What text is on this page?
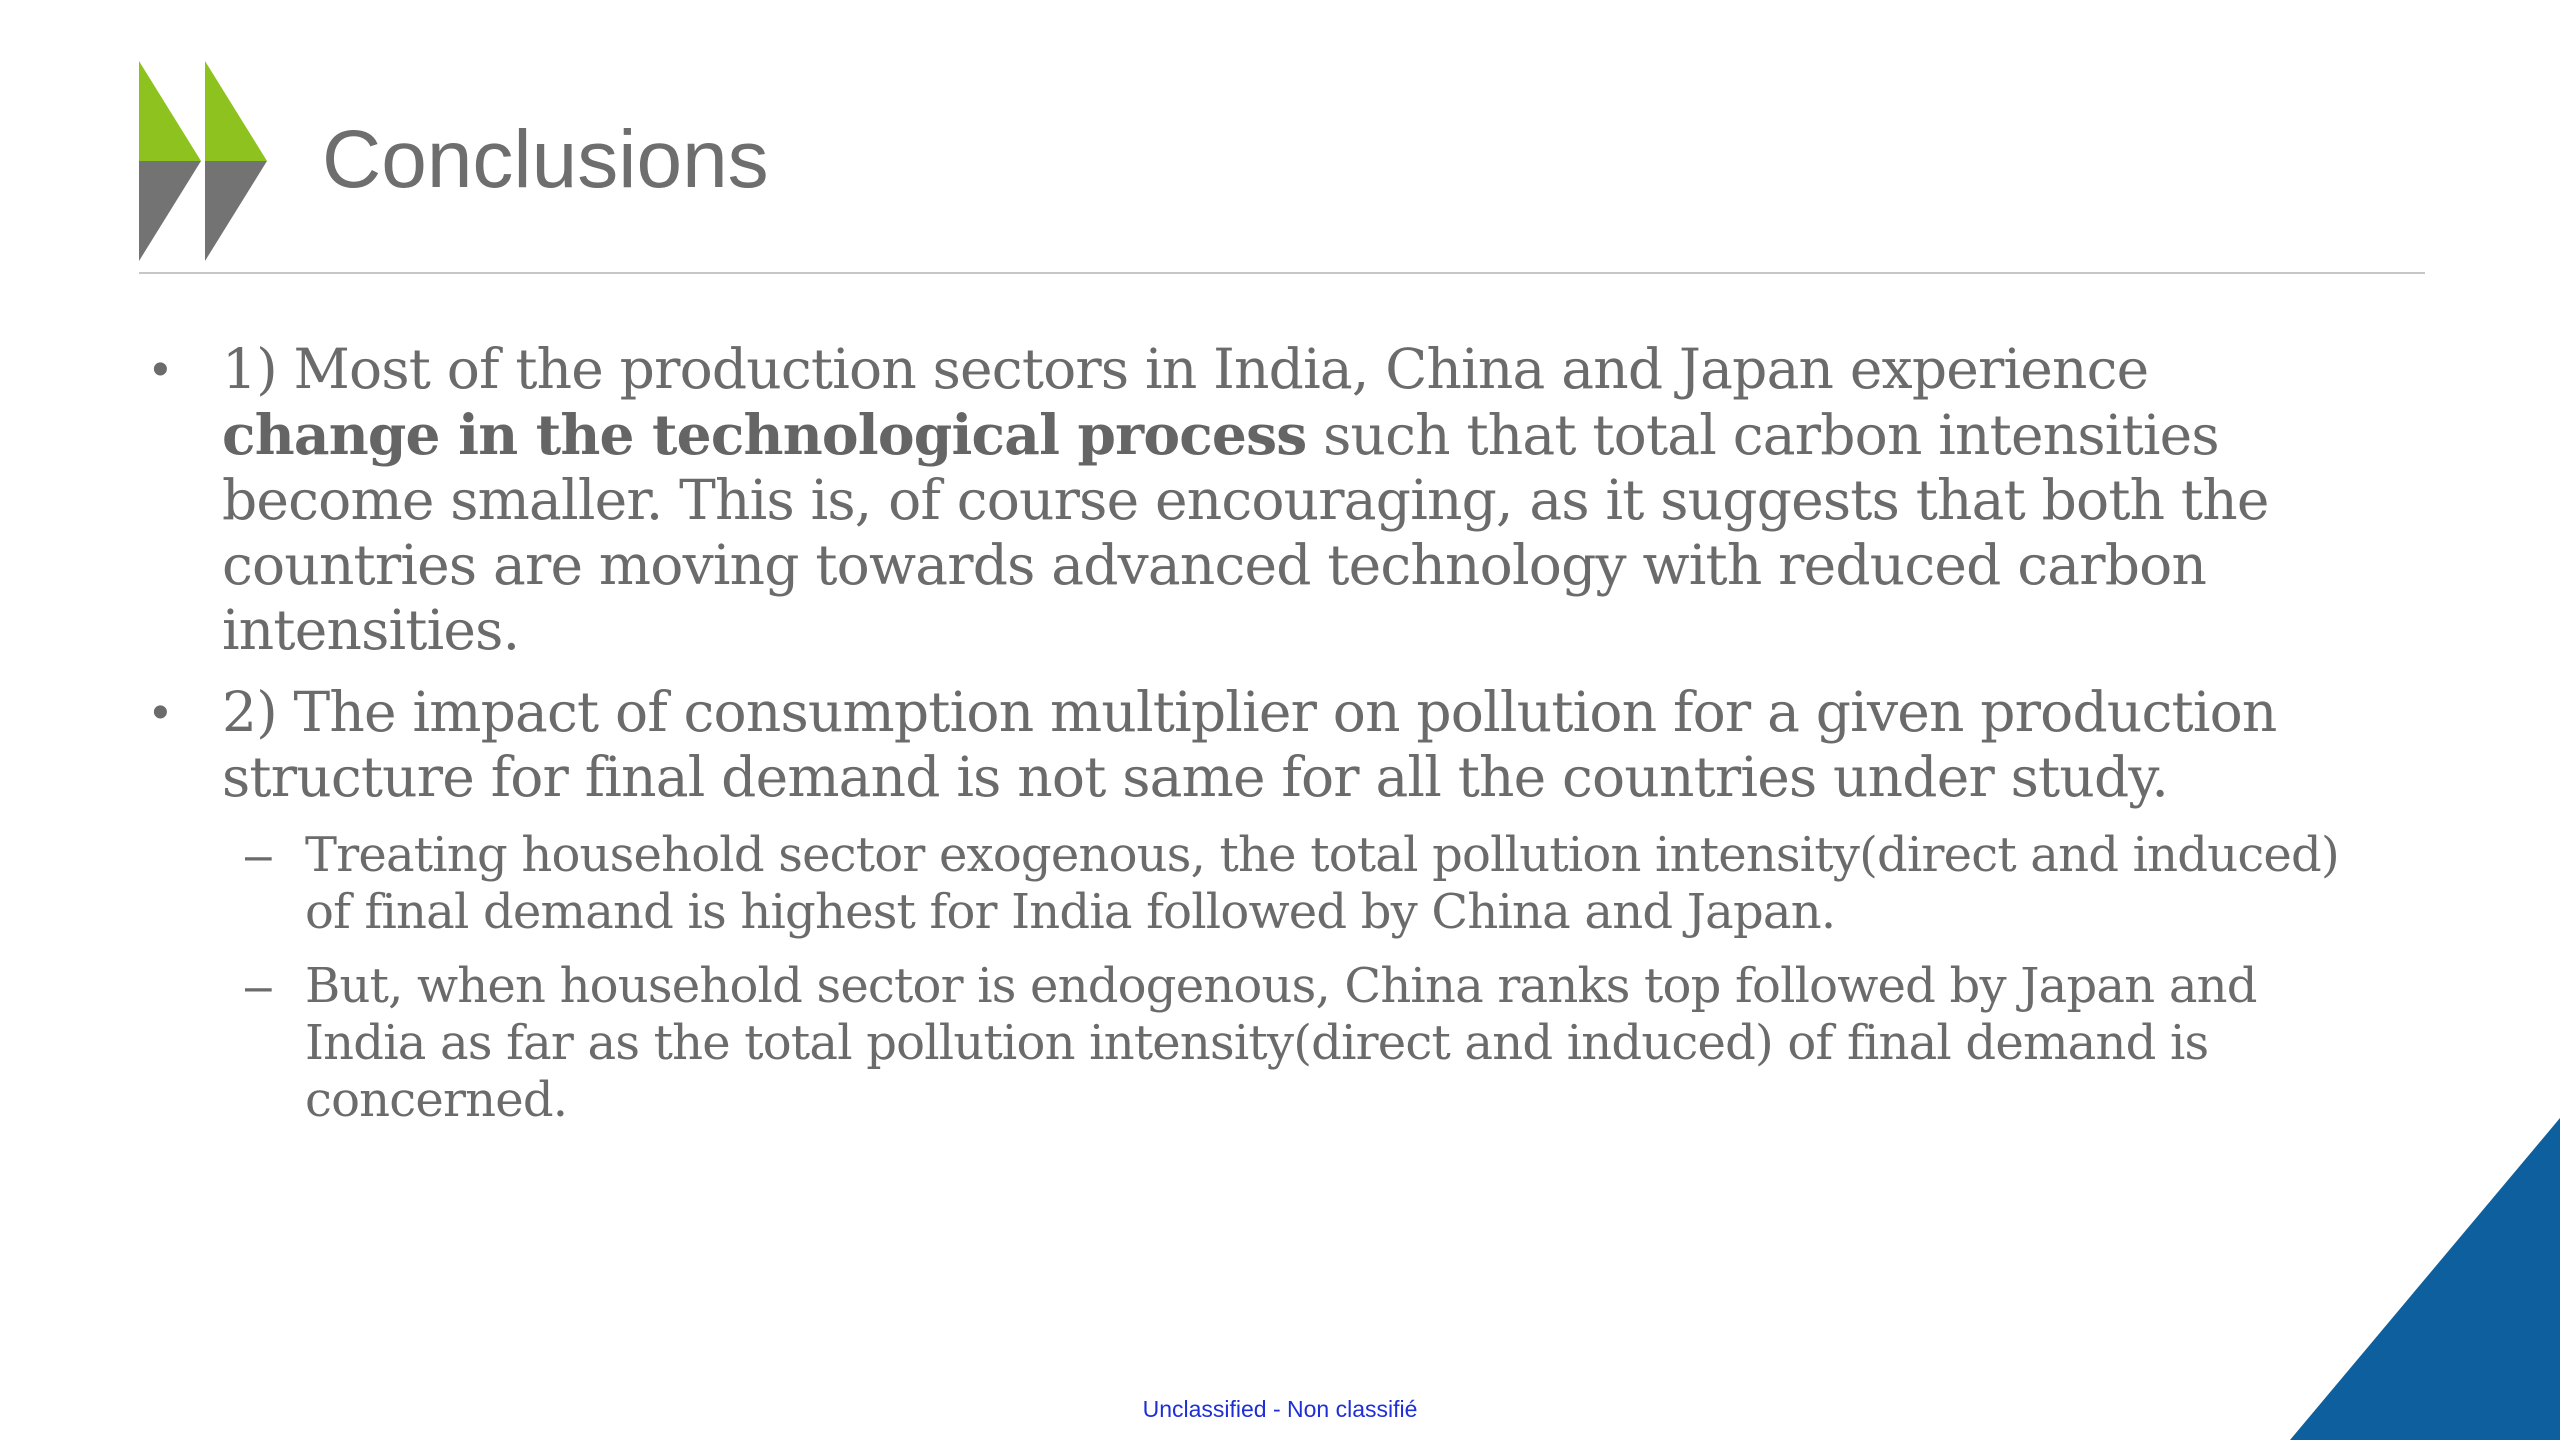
Conclusions
• 1) Most of the production sectors in India, China and Japan experience change in the technological process such that total carbon intensities become smaller. This is, of course encouraging, as it suggests that both the countries are moving towards advanced technology with reduced carbon intensities.
• 2) The impact of consumption multiplier on pollution for a given production structure for final demand is not same for all the countries under study.
– Treating household sector exogenous, the total pollution intensity(direct and induced) of final demand is highest for India followed by China and Japan.
– But, when household sector is endogenous, China ranks top followed by Japan and India as far as the total pollution intensity(direct and induced) of final demand is concerned.
Unclassified - Non classifié
